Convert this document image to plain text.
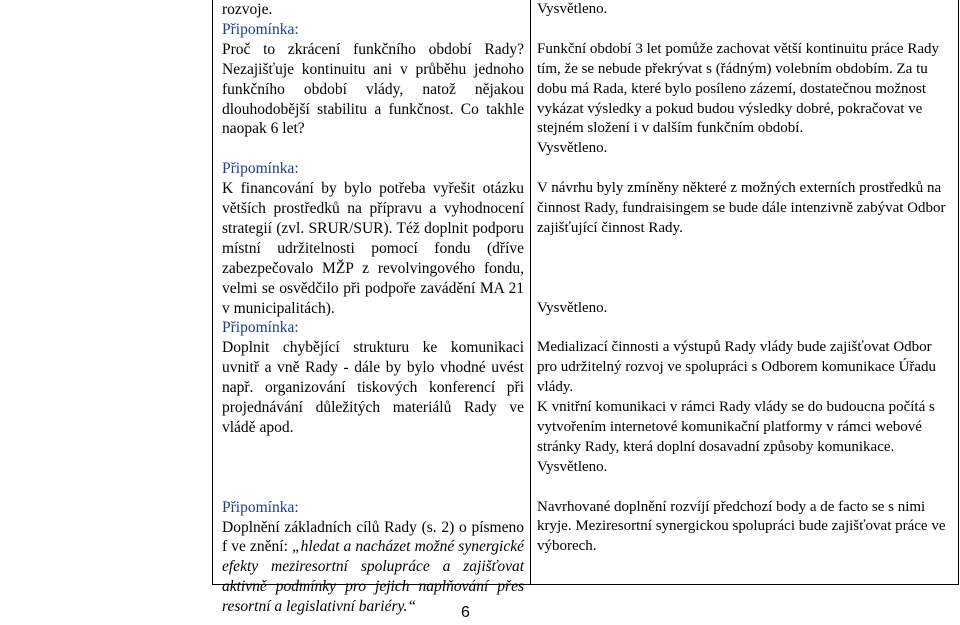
rozvoje.

Připomínka:

Proč to zkrácení funkčního období Rady? Nezajišťuje kontinuitu ani v průběhu jednoho funkčního období vlády, natož nějakou dlouhodobější stabilitu a funkčnost. Co takhle naopak 6 let?

Připomínka:

K financování by bylo potřeba vyřešit otázku větších prostředků na přípravu a vyhodnocení strategií (zvl. SRUR/SUR). Též doplnit podporu místní udržitelnosti pomocí fondu (dříve zabezpečovalo MŽP z revolvingového fondu, velmi se osvědčilo při podpoře zavádění MA 21 v municipalitách).

Připomínka:

Doplnit chybějící strukturu ke komunikaci uvnitř a vně Rady - dále by bylo vhodné uvést např. organizování tiskových konferencí při projednávání důležitých materiálů Rady ve vládě apod.

Připomínka:

Doplnění základních cílů Rady (s. 2) o písmeno f ve znění: „hledat a nacházet možné synergické efekty meziresortní spolupráce a zajišťovat aktivně podmínky pro jejich naplňování přes resortní a legislativní bariéry.“

Vysvětleno.

Funkční období 3 let pomůže zachovat větší kontinuitu práce Rady tím, že se nebude překrývat s (řádným) volebním obdobím. Za tu dobu má Rada, které bylo posíleno zázemí, dostatečnou možnost vykázat výsledky a pokud budou výsledky dobré, pokračovat ve stejném složení i v dalším funkčním období.

Vysvětleno.

V návrhu byly zmíněny některé z možných externích prostředků na činnost Rady, fundraisingem se bude dále intenzivně zabývat Odbor zajišťující činnost Rady.

Vysvětleno.

Medializací činnosti a výstupů Rady vlády bude zajišťovat Odbor pro udržitelný rozvoj ve spolupráci s Odborem komunikace Úřadu vlády.

K vnitřní komunikaci v rámci Rady vlády se do budoucna počítá s vytvořením internetové komunikační platformy v rámci webové stránky Rady, která doplní dosavadní způsoby komunikace.

Vysvětleno.

Navrhované doplnění rozvíjí předchozí body a de facto se s nimi kryje. Meziresortní synergickou spolupráci bude zajišťovat práce ve výborech.

6
